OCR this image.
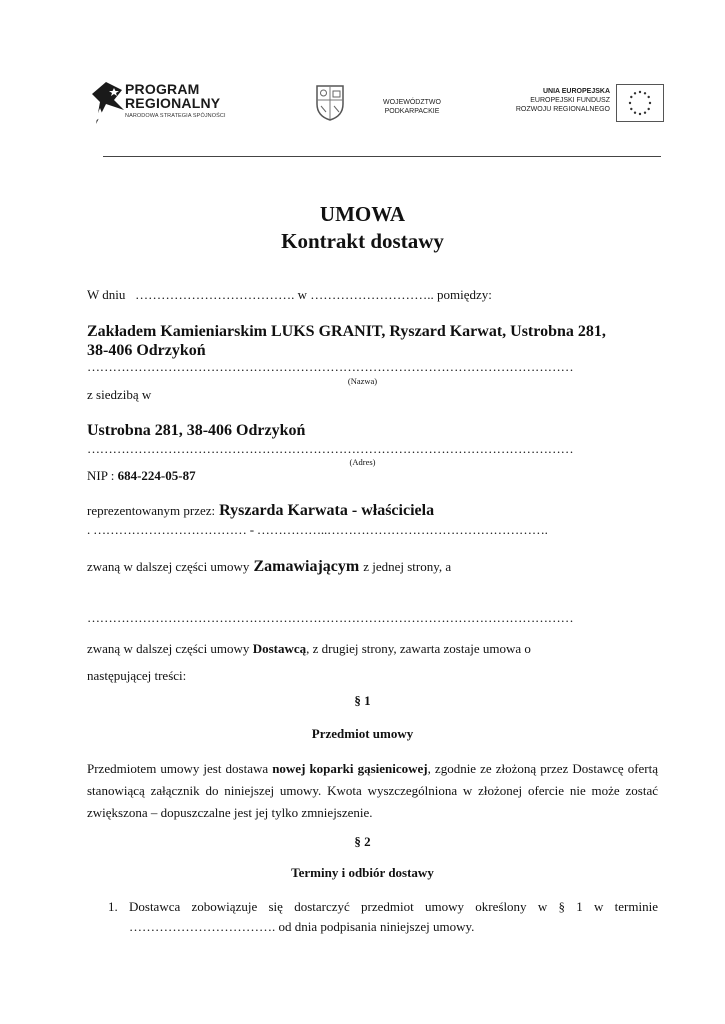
PROGRAM
REGIONALNY
NARODOWA STRATEGIA SPÓJNOŚCI
WOJEWÓDZTWO
PODKARPACKIE
UNIA EUROPEJSKA
EUROPEJSKI FUNDUSZ
ROZWOJU REGIONALNEGO
UMOWA
Kontrakt dostawy
W dniu ………………………………. w ……………………….. pomiędzy:
Zakładem Kamieniarskim LUKS GRANIT, Ryszard Karwat, Ustrobna 281,
38-406 Odrzykoń
……………………………………………………………………………………………………
(Nazwa)
z siedzibą w
Ustrobna 281, 38-406 Odrzykoń
……………………………………………………………………………………………………
(Adres)
NIP : 684-224-05-87
reprezentowanym przez: Ryszarda Karwata - właściciela
. ……………………………… - ……………..…………………………………………….
zwaną w dalszej części umowy Zamawiającym z jednej strony, a
……………………………………………………………………………………………………
zwaną w dalszej części umowy Dostawcą, z drugiej strony, zawarta zostaje umowa o
następującej treści:
§ 1
Przedmiot umowy
Przedmiotem umowy jest dostawa nowej koparki gąsienicowej, zgodnie ze złożoną przez Dostawcę ofertą stanowiącą załącznik do niniejszej umowy. Kwota wyszczególniona w złożonej ofercie nie może zostać zwiększona – dopuszczalne jest jej tylko zmniejszenie.
§ 2
Terminy i odbiór dostawy
1. Dostawca zobowiązuje się dostarczyć przedmiot umowy określony w § 1 w terminie
……………………………. od dnia podpisania niniejszej umowy.
